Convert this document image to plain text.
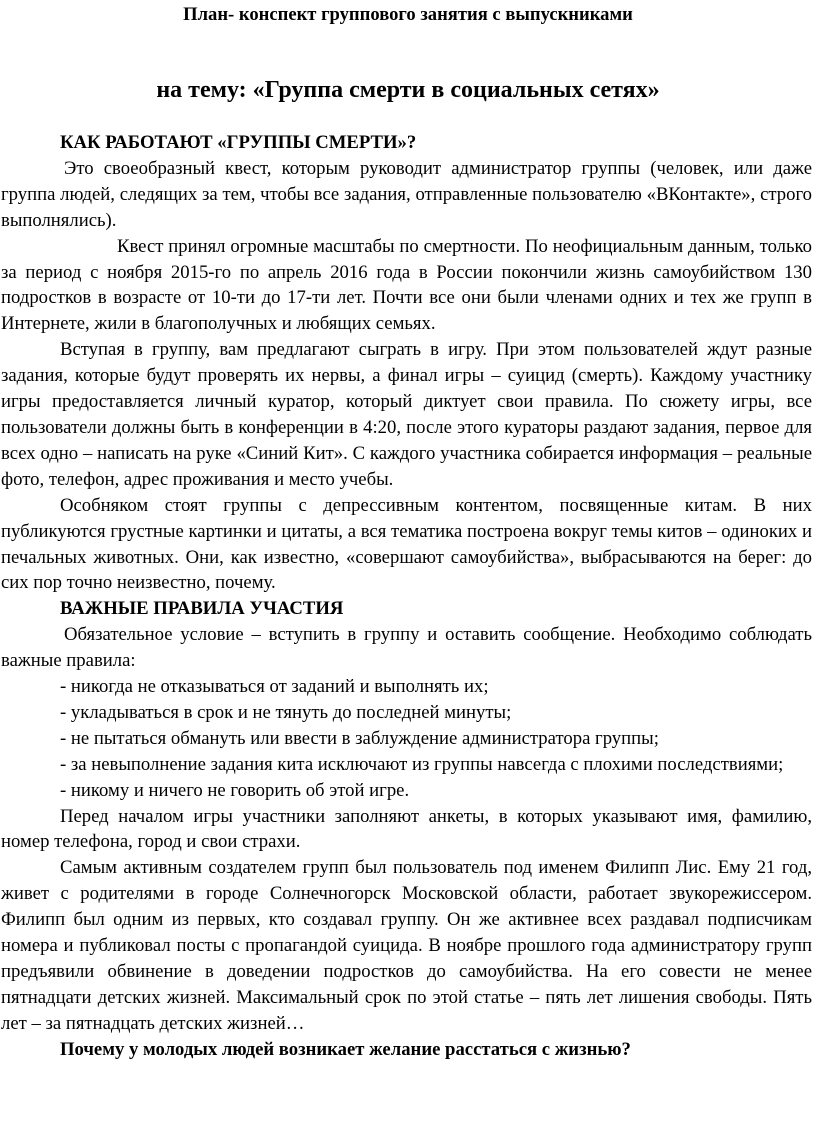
План- конспект группового занятия с выпускниками
на тему: «Группа смерти в социальных сетях»

КАК РАБОТАЮТ «ГРУППЫ СМЕРТИ»?

Это своеобразный квест, которым руководит администратор группы (человек, или даже группа людей, следящих за тем, чтобы все задания, отправленные пользователю «ВКонтакте», строго выполнялись).

Квест принял огромные масштабы по смертности. По неофициальным данным, только за период с ноября 2015-го по апрель 2016 года в России покончили жизнь самоубийством 130 подростков в возрасте от 10-ти до 17-ти лет. Почти все они были членами одних и тех же групп в Интернете, жили в благополучных и любящих семьях.

Вступая в группу, вам предлагают сыграть в игру. При этом пользователей ждут разные задания, которые будут проверять их нервы, а финал игры – суицид (смерть). Каждому участнику игры предоставляется личный куратор, который диктует свои правила. По сюжету игры, все пользователи должны быть в конференции в 4:20, после этого кураторы раздают задания, первое для всех одно – написать на руке «Синий Кит». С каждого участника собирается информация – реальные фото, телефон, адрес проживания и место учебы.

Особняком стоят группы с депрессивным контентом, посвященные китам. В них публикуются грустные картинки и цитаты, а вся тематика построена вокруг темы китов – одиноких и печальных животных. Они, как известно, «совершают самоубийства», выбрасываются на берег: до сих пор точно неизвестно, почему.

ВАЖНЫЕ ПРАВИЛА УЧАСТИЯ

Обязательное условие – вступить в группу и оставить сообщение. Необходимо соблюдать важные правила:

- никогда не отказываться от заданий и выполнять их;

- укладываться в срок и не тянуть до последней минуты;

- не пытаться обмануть или ввести в заблуждение администратора группы;

- за невыполнение задания кита исключают из группы навсегда с плохими последствиями;

- никому и ничего не говорить об этой игре.

Перед началом игры участники заполняют анкеты, в которых указывают имя, фамилию, номер телефона, город и свои страхи.

Самым активным создателем групп был пользователь под именем Филипп Лис. Ему 21 год, живет с родителями в городе Солнечногорск Московской области, работает звукорежиссером. Филипп был одним из первых, кто создавал группу. Он же активнее всех раздавал подписчикам номера и публиковал посты с пропагандой суицида. В ноябре прошлого года администратору групп предъявили обвинение в доведении подростков до самоубийства. На его совести не менее пятнадцати детских жизней. Максимальный срок по этой статье – пять лет лишения свободы. Пять лет – за пятнадцать детских жизней…

Почему у молодых людей возникает желание расстаться с жизнью?
